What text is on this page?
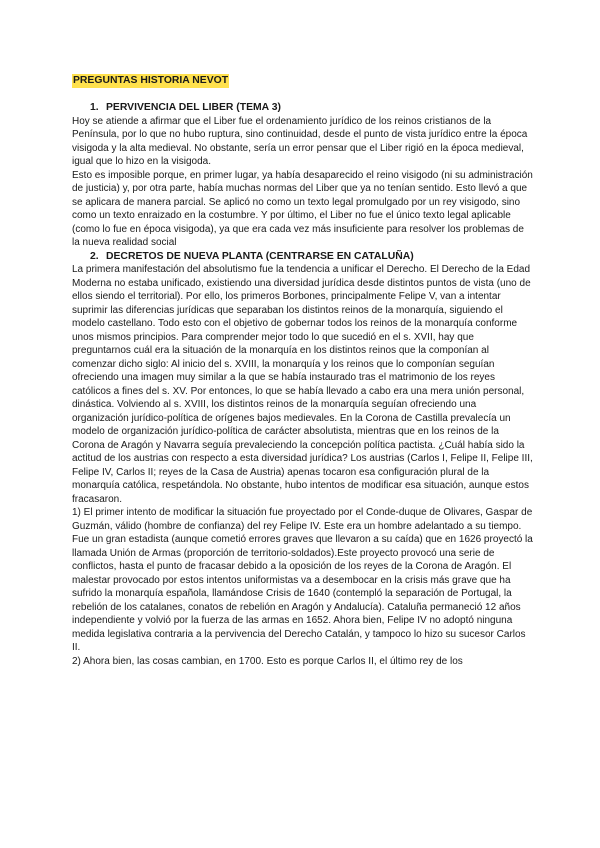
PREGUNTAS HISTORIA NEVOT

1. PERVIVENCIA DEL LIBER (TEMA 3)

Hoy se atiende a afirmar que el Liber fue el ordenamiento jurídico de los reinos cristianos de la Península, por lo que no hubo ruptura, sino continuidad, desde el punto de vista jurídico entre la época visigoda y la alta medieval. No obstante, sería un error pensar que el Liber rigió en la época medieval, igual que lo hizo en la visigoda.

Esto es imposible porque, en primer lugar, ya había desaparecido el reino visigodo (ni su administración de justicia) y, por otra parte, había muchas normas del Liber que ya no tenían sentido. Esto llevó a que se aplicara de manera parcial. Se aplicó no como un texto legal promulgado por un rey visigodo, sino como un texto enraizado en la costumbre. Y por último, el Liber no fue el único texto legal aplicable (como lo fue en época visigoda), ya que era cada vez más insuficiente para resolver los problemas de la nueva realidad social

2. DECRETOS DE NUEVA PLANTA (CENTRARSE EN CATALUÑA)

La primera manifestación del absolutismo fue la tendencia a unificar el Derecho. El Derecho de la Edad Moderna no estaba unificado, existiendo una diversidad jurídica desde distintos puntos de vista (uno de ellos siendo el territorial). Por ello, los primeros Borbones, principalmente Felipe V, van a intentar suprimir las diferencias jurídicas que separaban los distintos reinos de la monarquía, siguiendo el modelo castellano. Todo esto con el objetivo de gobernar todos los reinos de la monarquía conforme unos mismos principios. Para comprender mejor todo lo que sucedió en el s. XVII, hay que preguntarnos cuál era la situación de la monarquía en los distintos reinos que la componían al comenzar dicho siglo: Al inicio del s. XVIII, la monarquía y los reinos que lo componían seguían ofreciendo una imagen muy similar a la que se había instaurado tras el matrimonio de los reyes católicos a fines del s. XV. Por entonces, lo que se había llevado a cabo era una mera unión personal, dinástica. Volviendo al s. XVIII, los distintos reinos de la monarquía seguían ofreciendo una organización jurídico-política de orígenes bajos medievales. En la Corona de Castilla prevalecía un modelo de organización jurídico-política de carácter absolutista, mientras que en los reinos de la Corona de Aragón y Navarra seguía prevaleciendo la concepción política pactista. ¿Cuál había sido la actitud de los austrias con respecto a esta diversidad jurídica? Los austrias (Carlos I, Felipe II, Felipe III, Felipe IV, Carlos II; reyes de la Casa de Austria) apenas tocaron esa configuración plural de la monarquía católica, respetándola. No obstante, hubo intentos de modificar esa situación, aunque estos fracasaron.

1) El primer intento de modificar la situación fue proyectado por el Conde-duque de Olivares, Gaspar de Guzmán, válido (hombre de confianza) del rey Felipe IV. Este era un hombre adelantado a su tiempo. Fue un gran estadista (aunque cometió errores graves que llevaron a su caída) que en 1626 proyectó la llamada Unión de Armas (proporción de territorio-soldados).Este proyecto provocó una serie de conflictos, hasta el punto de fracasar debido a la oposición de los reyes de la Corona de Aragón. El malestar provocado por estos intentos uniformistas va a desembocar en la crisis más grave que ha sufrido la monarquía española, llamándose Crisis de 1640 (contempló la separación de Portugal, la rebelión de los catalanes, conatos de rebelión en Aragón y Andalucía). Cataluña permaneció 12 años independiente y volvió por la fuerza de las armas en 1652. Ahora bien, Felipe IV no adoptó ninguna medida legislativa contraria a la pervivencia del Derecho Catalán, y tampoco lo hizo su sucesor Carlos II.

2) Ahora bien, las cosas cambian, en 1700. Esto es porque Carlos II, el último rey de los
